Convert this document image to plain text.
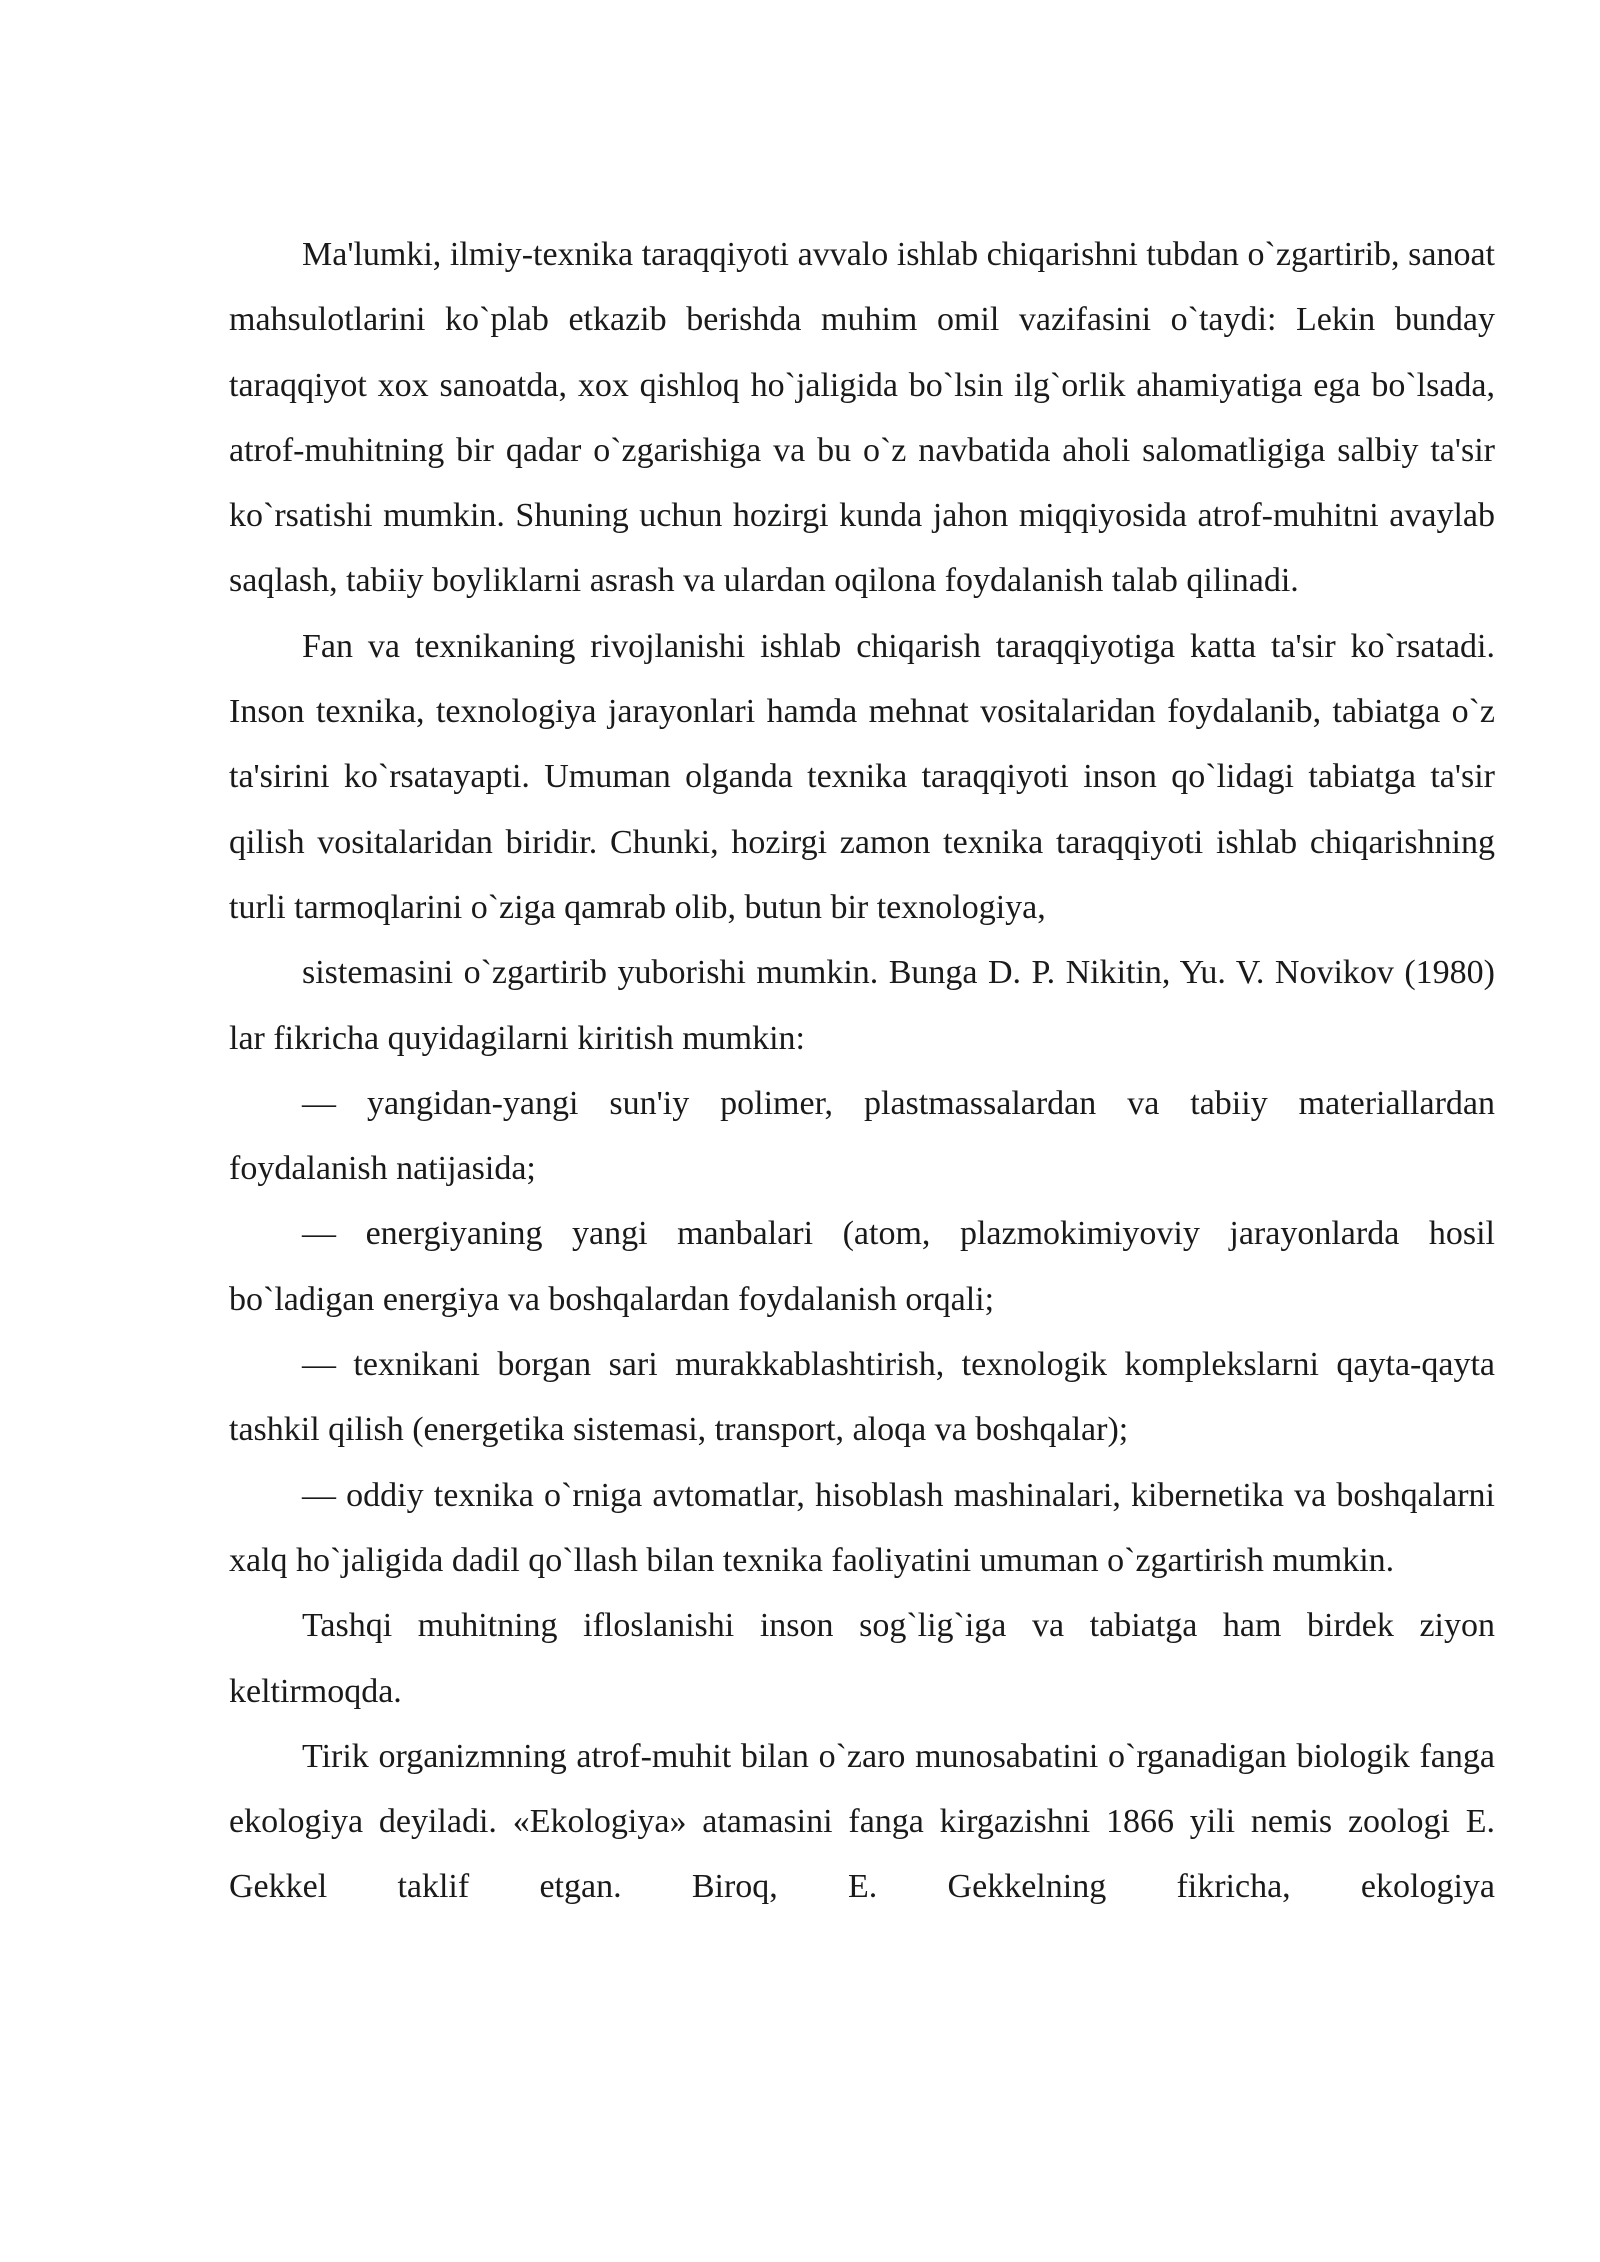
Ma'lumki, ilmiy-texnika taraqqiyoti avvalo ishlab chiqarishni tubdan o`zgartirib, sanoat mahsulotlarini ko`plab etkazib berishda muhim omil vazifasini o`taydi: Lekin bunday taraqqiyot xox sanoatda, xox qishloq ho`jaligida bo`lsin ilg`orlik ahamiyatiga ega bo`lsada, atrof-muhitning bir qadar o`zgarishiga va bu o`z navbatida aholi salomatligiga salbiy ta'sir ko`rsatishi mumkin. Shuning uchun hozirgi kunda jahon miqqiyosida atrof-muhitni avaylab saqlash, tabiiy boyliklarni asrash va ulardan oqilona foydalanish talab qilinadi.

Fan va texnikaning rivojlanishi ishlab chiqarish taraqqiyotiga katta ta'sir ko`rsatadi. Inson texnika, texnologiya jarayonlari hamda mehnat vositalaridan foydalanib, tabiatga o`z ta'sirini ko`rsatayapti. Umuman olganda texnika taraqqiyoti inson qo`lidagi tabiatga ta'sir qilish vositalaridan biridir. Chunki, hozirgi zamon texnika taraqqiyoti ishlab chiqarishning turli tarmoqlarini o`ziga qamrab olib, butun bir texnologiya,

sistemasini o`zgartirib yuborishi mumkin. Bunga D. P. Nikitin, Yu. V. Novikov (1980) lar fikricha quyidagilarni kiritish mumkin:

— yangidan-yangi sun'iy polimer, plastmassalardan va tabiiy materiallardan foydalanish natijasida;

— energiyaning yangi manbalari (atom, plazmokimiyoviy jarayonlarda hosil bo`ladigan energiya va boshqalardan foydalanish orqali;

— texnikani borgan sari murakkablashtirish, texnologik komplekslarni qayta-qayta tashkil qilish (energetika sistemasi, transport, aloqa va boshqalar);

— oddiy texnika o`rniga avtomatlar, hisoblash mashinalari, kibernetika va boshqalarni xalq ho`jaligida dadil qo`llash bilan texnika faoliyatini umuman o`zgartirish mumkin.

Tashqi muhitning ifloslanishi inson sog`lig`iga va tabiatga ham birdek ziyon keltirmoqda.

Tirik organizmning atrof-muhit bilan o`zaro munosabatini o`rganadigan biologik fanga ekologiya deyiladi. «Ekologiya» atamasini fanga kirgazishni 1866 yili nemis zoologi E. Gekkel taklif etgan. Biroq, E. Gekkelning fikricha, ekologiya
